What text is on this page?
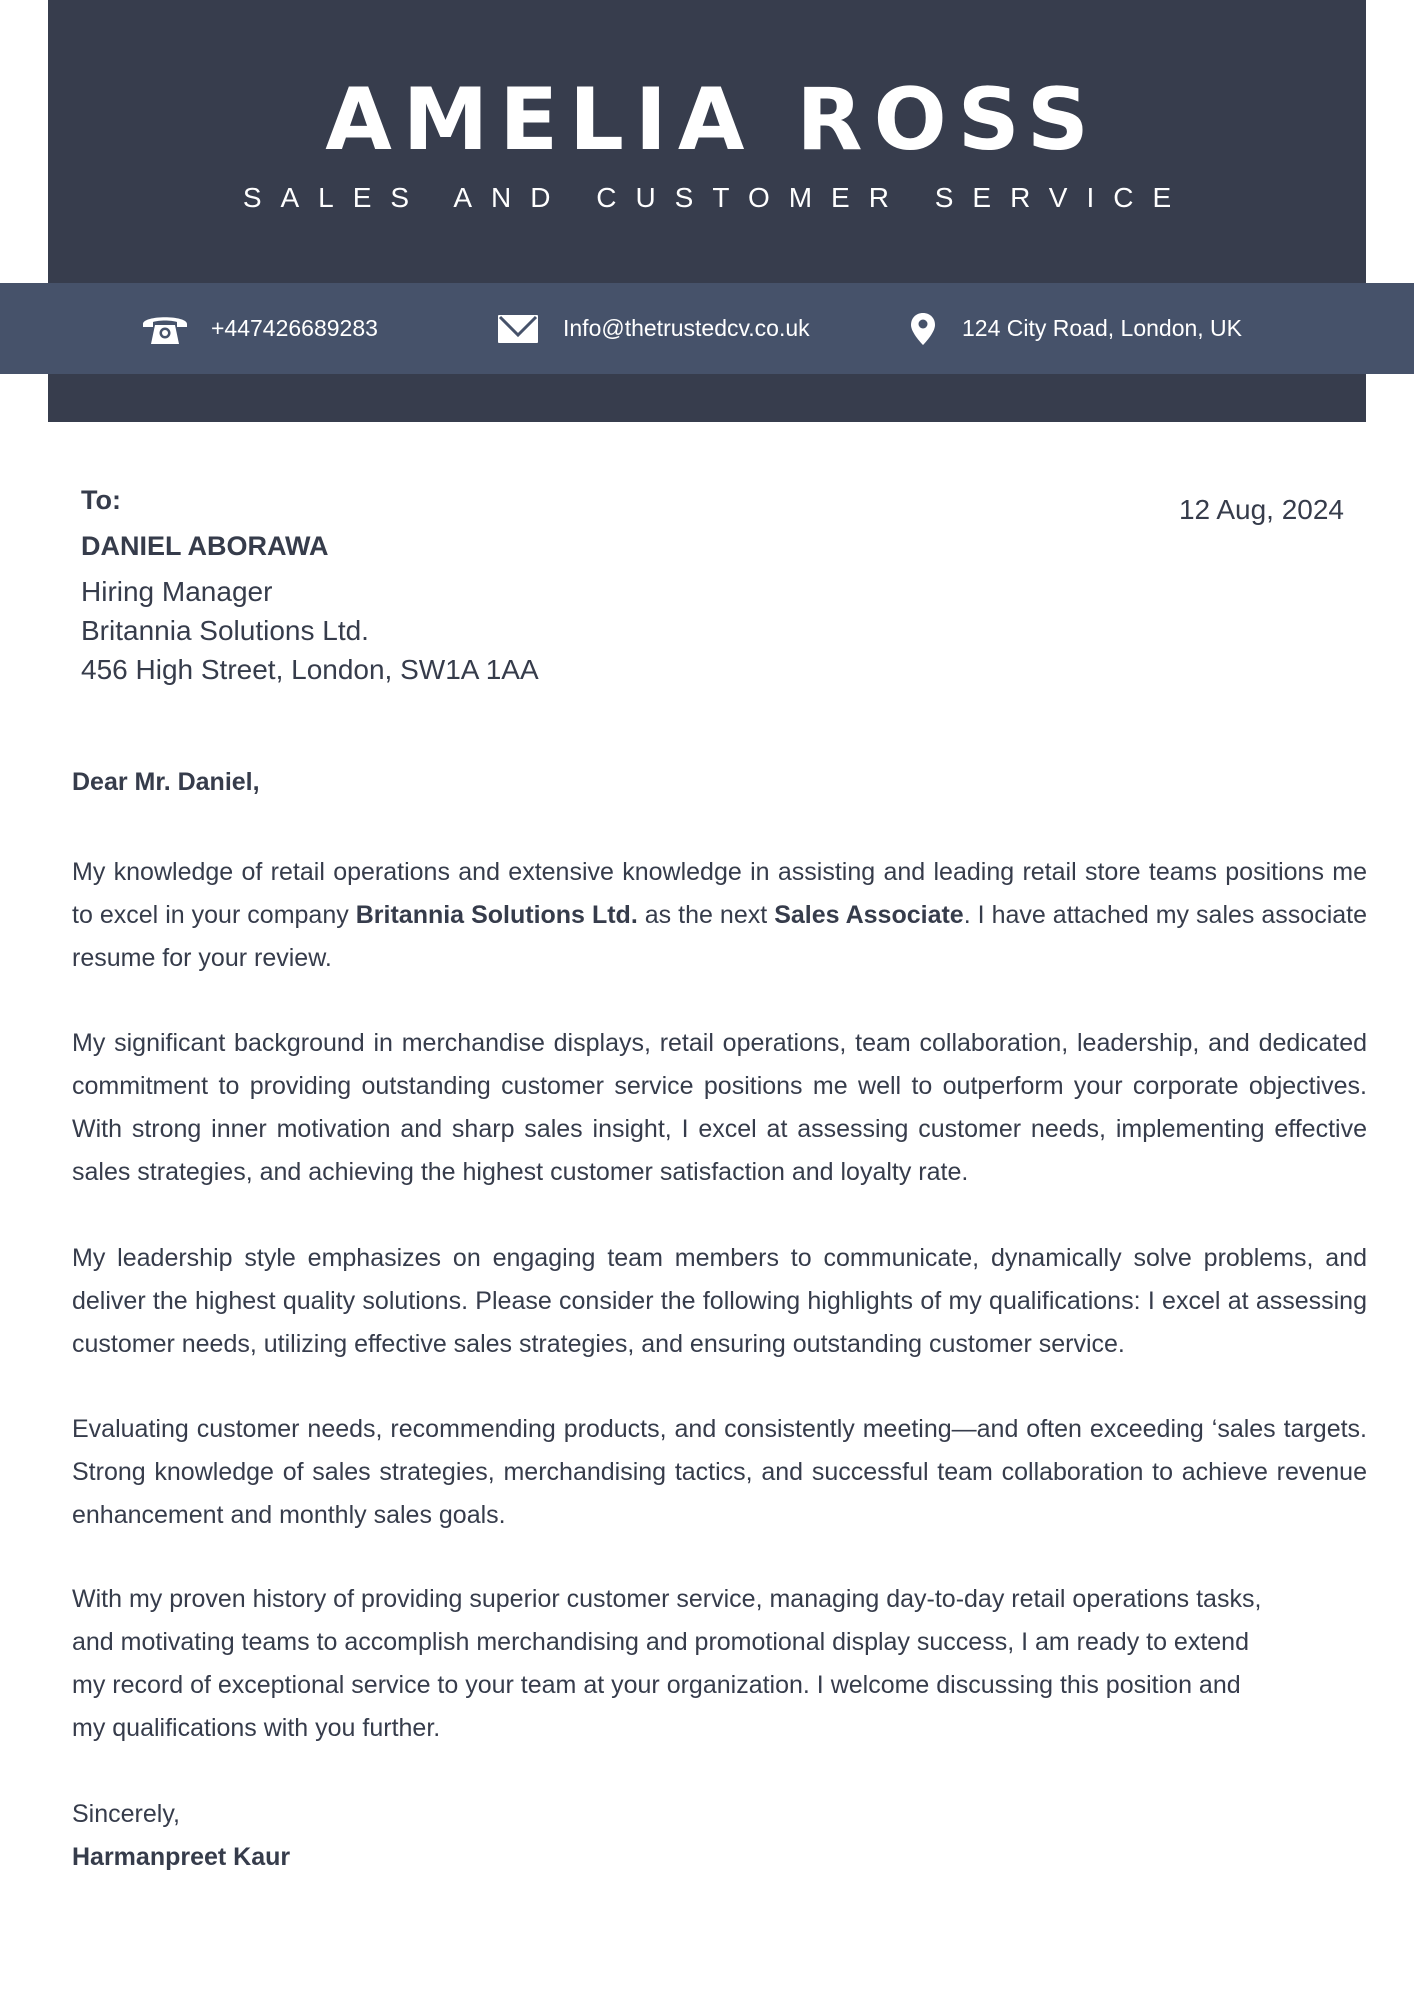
AMELIA ROSS
SALES AND CUSTOMER SERVICE
+447426689283	Info@thetrustedcv.co.uk	124 City Road, London, UK
To:
DANIEL ABORAWA
Hiring Manager
Britannia Solutions Ltd.
456 High Street, London, SW1A 1AA
12 Aug, 2024
Dear Mr. Daniel,

My knowledge of retail operations and extensive knowledge in assisting and leading retail store teams positions me to excel in your company Britannia Solutions Ltd. as the next Sales Associate. I have attached my sales associate resume for your review.

My significant background in merchandise displays, retail operations, team collaboration, leadership, and dedicated commitment to providing outstanding customer service positions me well to outperform your corporate objectives. With strong inner motivation and sharp sales insight, I excel at assessing customer needs, implementing effective sales strategies, and achieving the highest customer satisfaction and loyalty rate.

My leadership style emphasizes on engaging team members to communicate, dynamically solve problems, and deliver the highest quality solutions. Please consider the following highlights of my qualifications: I excel at assessing customer needs, utilizing effective sales strategies, and ensuring outstanding customer service.

Evaluating customer needs, recommending products, and consistently meeting—and often exceeding ‘sales targets. Strong knowledge of sales strategies, merchandising tactics, and successful team collaboration to achieve revenue enhancement and monthly sales goals.

With my proven history of providing superior customer service, managing day-to-day retail operations tasks,
and motivating teams to accomplish merchandising and promotional display success, I am ready to extend
my record of exceptional service to your team at your organization. I welcome discussing this position and
my qualifications with you further.
Sincerely,
Harmanpreet Kaur
